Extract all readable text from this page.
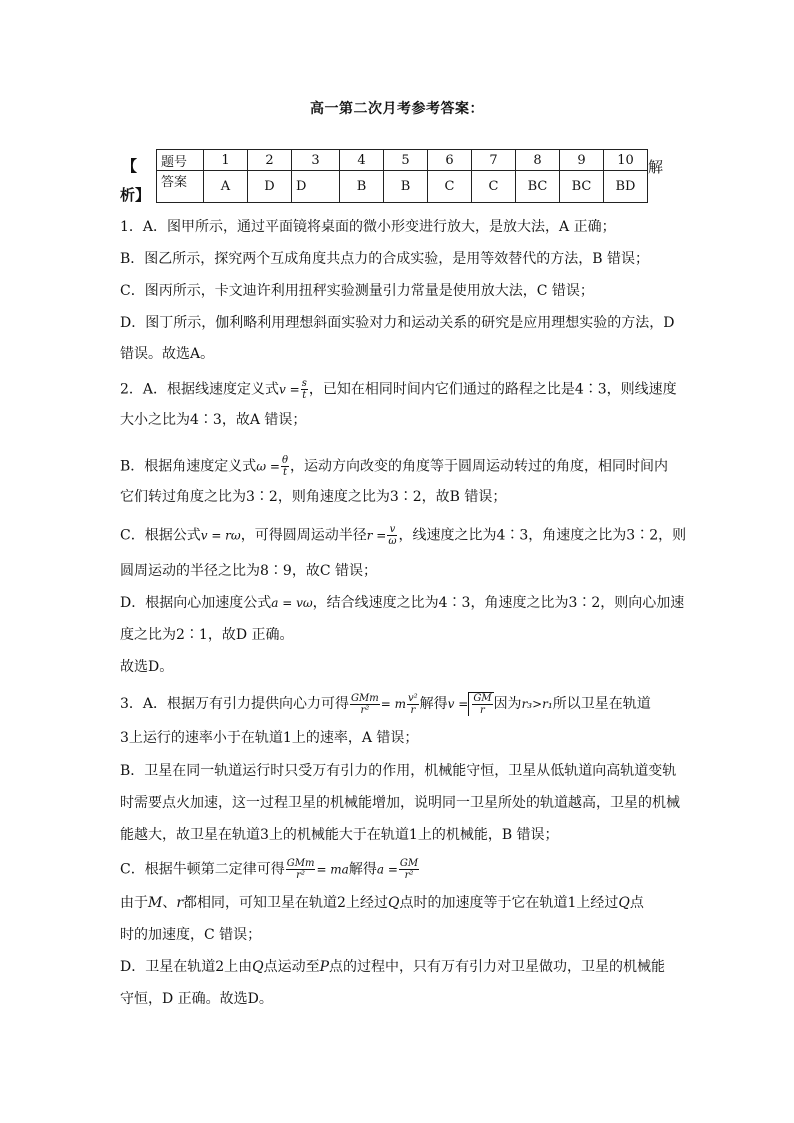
高一第二次月考参考答案：
【
析】
解
题号	1	2	3	4	5	6	7	8	9	10
答案	A	D	D	B	B	C	C	BC	BC	BD
1．A．图甲所示，通过平面镜将桌面的微小形变进行放大，是放大法，A 正确；
B．图乙所示，探究两个互成角度共点力的合成实验，是用等效替代的方法，B 错误；
C．图丙所示，卡文迪许利用扭秤实验测量引力常量是使用放大法，C 错误；
D．图丁所示，伽利略利用理想斜面实验对力和运动关系的研究是应用理想实验的方法，D
错误。故选A。
2．A．根据线速度定义式$v = \frac{s}{t}$ ，已知在相同时间内它们通过的路程之比是4∶3，则线速度
大小之比为4∶3，故A 错误；
B．根据角速度定义式$\omega = \frac{\theta}{t}$ ，运动方向改变的角度等于圆周运动转过的角度，相同时间内
它们转过角度之比为3∶2，则角速度之比为3∶2，故B 错误；
C．根据公式v = rω，可得圆周运动半径$r = \frac{v}{\omega}$ ，线速度之比为4∶3，角速度之比为3∶2，则
圆周运动的半径之比为8∶9，故C 错误；
D．根据向心加速度公式a = vω，结合线速度之比为4∶3，角速度之比为3∶2，则向心加速
度之比为2∶1，故D 正确。
故选D。
3．A．根据万有引力提供向心力可得 $\frac{\text{GMm}}{\text{r²}} = m \frac{\text{v²}}{r}$ 解得$v = \frac{GM}{r}$ 因为r₃>r₁所以卫星在轨道
3上运行的速率小于在轨道1上的速率，A 错误；
B．卫星在同一轨道运行时只受万有引力的作用，机械能守恒，卫星从低轨道向高轨道变轨
时需要点火加速，这一过程卫星的机械能增加，说明同一卫星所处的轨道越高，卫星的机械
能越大，故卫星在轨道3上的机械能大于在轨道1上的机械能，B 错误；
C．根据牛顿第二定律可得 $\frac{\text{GMm}}{\text{r²}}$ = ma解得$a = \frac{GM}{\text{r²}}$
由于M、r都相同，可知卫星在轨道2上经过Q点时的加速度等于它在轨道1上经过Q点
时的加速度，C 错误；
D．卫星在轨道2上由Q点运动至P点的过程中，只有万有引力对卫星做功，卫星的机械能
守恒，D 正确。故选D。
